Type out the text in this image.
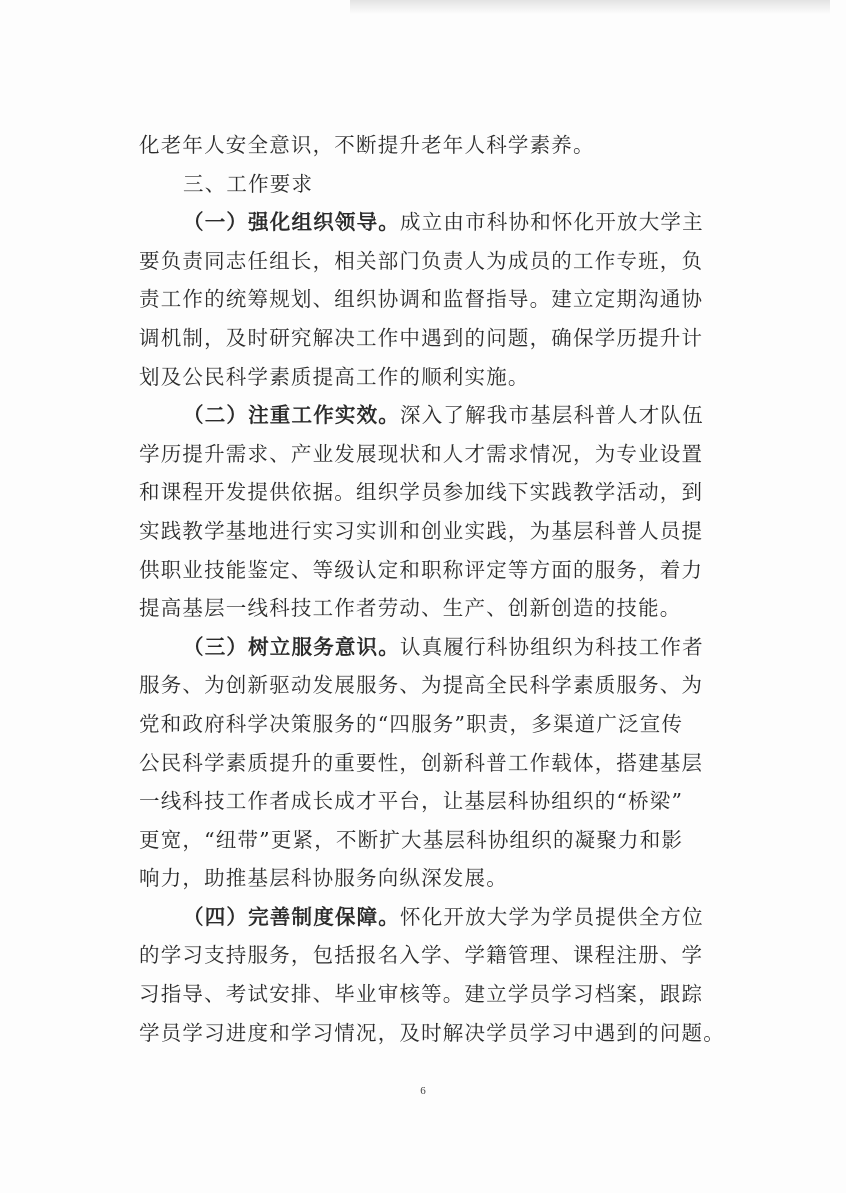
化老年人安全意识，不断提升老年人科学素养。
三、工作要求
（一）强化组织领导。成立由市科协和怀化开放大学主
要负责同志任组长，相关部门负责人为成员的工作专班，负
责工作的统筹规划、组织协调和监督指导。建立定期沟通协
调机制，及时研究解决工作中遇到的问题，确保学历提升计
划及公民科学素质提高工作的顺利实施。
（二）注重工作实效。深入了解我市基层科普人才队伍
学历提升需求、产业发展现状和人才需求情况，为专业设置
和课程开发提供依据。组织学员参加线下实践教学活动，到
实践教学基地进行实习实训和创业实践，为基层科普人员提
供职业技能鉴定、等级认定和职称评定等方面的服务，着力
提高基层一线科技工作者劳动、生产、创新创造的技能。
（三）树立服务意识。认真履行科协组织为科技工作者
服务、为创新驱动发展服务、为提高全民科学素质服务、为
党和政府科学决策服务的“四服务”职责，多渠道广泛宣传
公民科学素质提升的重要性，创新科普工作载体，搭建基层
一线科技工作者成长成才平台，让基层科协组织的“桥梁”
更宽，“纽带”更紧，不断扩大基层科协组织的凝聚力和影
响力，助推基层科协服务向纵深发展。
（四）完善制度保障。怀化开放大学为学员提供全方位
的学习支持服务，包括报名入学、学籍管理、课程注册、学
习指导、考试安排、毕业审核等。建立学员学习档案，跟踪
学员学习进度和学习情况，及时解决学员学习中遇到的问题。
6
